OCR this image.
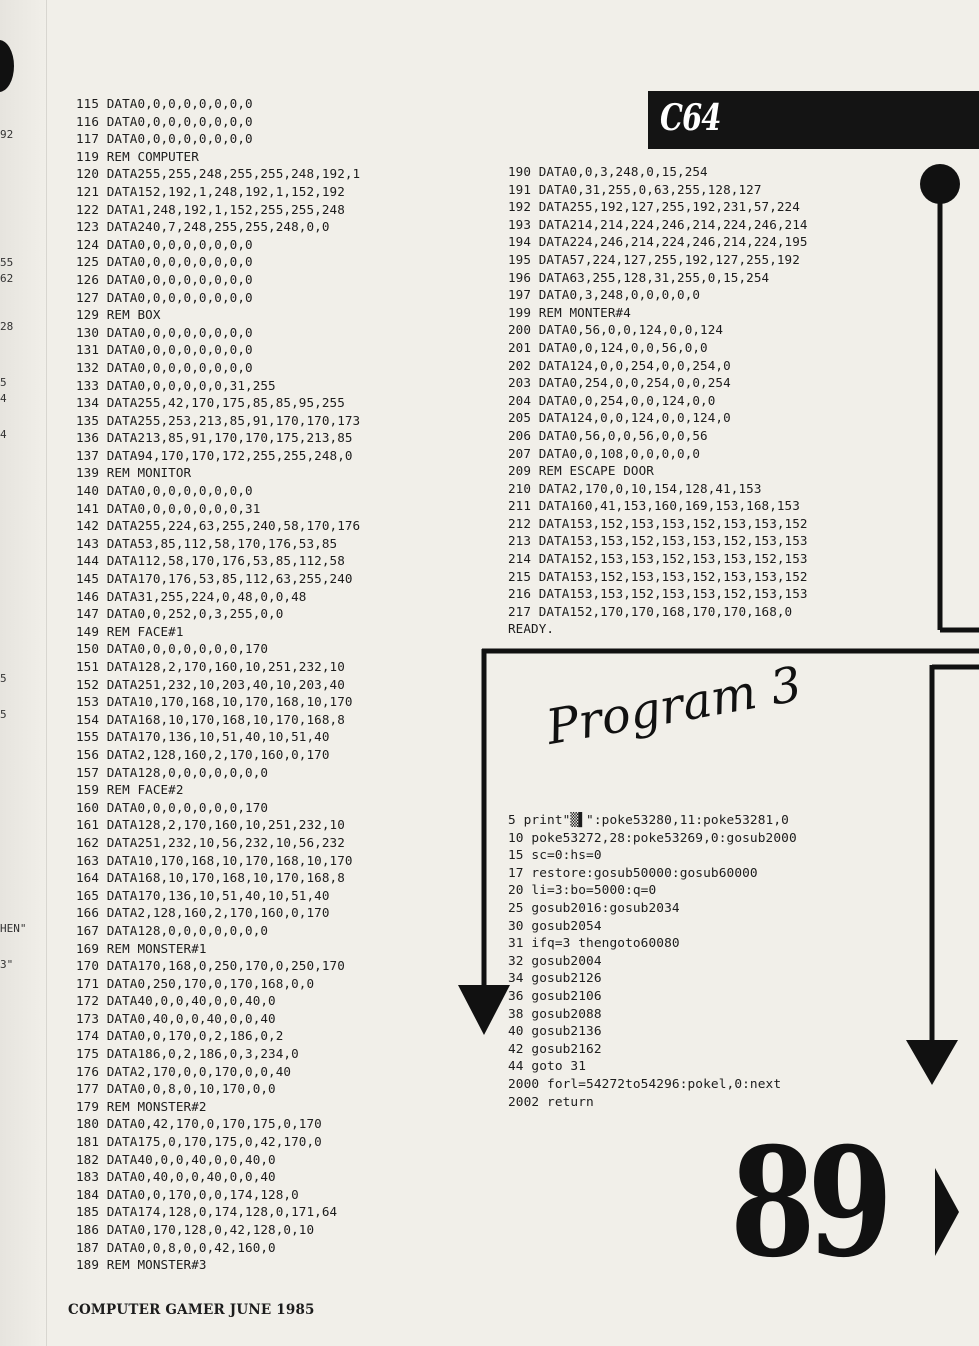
92
55
62
28
5
4
4
5
5
HEN"
3"
C64
115 DATA0,0,0,0,0,0,0,0
116 DATA0,0,0,0,0,0,0,0
117 DATA0,0,0,0,0,0,0,0
119 REM COMPUTER
120 DATA255,255,248,255,255,248,192,1
121 DATA152,192,1,248,192,1,152,192
122 DATA1,248,192,1,152,255,255,248
123 DATA240,7,248,255,255,248,0,0
124 DATA0,0,0,0,0,0,0,0
125 DATA0,0,0,0,0,0,0,0
126 DATA0,0,0,0,0,0,0,0
127 DATA0,0,0,0,0,0,0,0
129 REM BOX
130 DATA0,0,0,0,0,0,0,0
131 DATA0,0,0,0,0,0,0,0
132 DATA0,0,0,0,0,0,0,0
133 DATA0,0,0,0,0,0,31,255
134 DATA255,42,170,175,85,85,95,255
135 DATA255,253,213,85,91,170,170,173
136 DATA213,85,91,170,170,175,213,85
137 DATA94,170,170,172,255,255,248,0
139 REM MONITOR
140 DATA0,0,0,0,0,0,0,0
141 DATA0,0,0,0,0,0,0,31
142 DATA255,224,63,255,240,58,170,176
143 DATA53,85,112,58,170,176,53,85
144 DATA112,58,170,176,53,85,112,58
145 DATA170,176,53,85,112,63,255,240
146 DATA31,255,224,0,48,0,0,48
147 DATA0,0,252,0,3,255,0,0
149 REM FACE#1
150 DATA0,0,0,0,0,0,0,170
151 DATA128,2,170,160,10,251,232,10
152 DATA251,232,10,203,40,10,203,40
153 DATA10,170,168,10,170,168,10,170
154 DATA168,10,170,168,10,170,168,8
155 DATA170,136,10,51,40,10,51,40
156 DATA2,128,160,2,170,160,0,170
157 DATA128,0,0,0,0,0,0,0
159 REM FACE#2
160 DATA0,0,0,0,0,0,0,170
161 DATA128,2,170,160,10,251,232,10
162 DATA251,232,10,56,232,10,56,232
163 DATA10,170,168,10,170,168,10,170
164 DATA168,10,170,168,10,170,168,8
165 DATA170,136,10,51,40,10,51,40
166 DATA2,128,160,2,170,160,0,170
167 DATA128,0,0,0,0,0,0,0
169 REM MONSTER#1
170 DATA170,168,0,250,170,0,250,170
171 DATA0,250,170,0,170,168,0,0
172 DATA40,0,0,40,0,0,40,0
173 DATA0,40,0,0,40,0,0,40
174 DATA0,0,170,0,2,186,0,2
175 DATA186,0,2,186,0,3,234,0
176 DATA2,170,0,0,170,0,0,40
177 DATA0,0,8,0,10,170,0,0
179 REM MONSTER#2
180 DATA0,42,170,0,170,175,0,170
181 DATA175,0,170,175,0,42,170,0
182 DATA40,0,0,40,0,0,40,0
183 DATA0,40,0,0,40,0,0,40
184 DATA0,0,170,0,0,174,128,0
185 DATA174,128,0,174,128,0,171,64
186 DATA0,170,128,0,42,128,0,10
187 DATA0,0,8,0,0,42,160,0
189 REM MONSTER#3
190 DATA0,0,3,248,0,15,254
191 DATA0,31,255,0,63,255,128,127
192 DATA255,192,127,255,192,231,57,224
193 DATA214,214,224,246,214,224,246,214
194 DATA224,246,214,224,246,214,224,195
195 DATA57,224,127,255,192,127,255,192
196 DATA63,255,128,31,255,0,15,254
197 DATA0,3,248,0,0,0,0,0
199 REM MONTER#4
200 DATA0,56,0,0,124,0,0,124
201 DATA0,0,124,0,0,56,0,0
202 DATA124,0,0,254,0,0,254,0
203 DATA0,254,0,0,254,0,0,254
204 DATA0,0,254,0,0,124,0,0
205 DATA124,0,0,124,0,0,124,0
206 DATA0,56,0,0,56,0,0,56
207 DATA0,0,108,0,0,0,0,0
209 REM ESCAPE DOOR
210 DATA2,170,0,10,154,128,41,153
211 DATA160,41,153,160,169,153,168,153
212 DATA153,152,153,153,152,153,153,152
213 DATA153,153,152,153,153,152,153,153
214 DATA152,153,153,152,153,153,152,153
215 DATA153,152,153,153,152,153,153,152
216 DATA153,153,152,153,153,152,153,153
217 DATA152,170,170,168,170,170,168,0
READY.
Program 3
5 print"▒▌":poke53280,11:poke53281,0
10 poke53272,28:poke53269,0:gosub2000
15 sc=0:hs=0
17 restore:gosub50000:gosub60000
20 li=3:bo=5000:q=0
25 gosub2016:gosub2034
30 gosub2054
31 ifq=3 thengoto60080
32 gosub2004
34 gosub2126
36 gosub2106
38 gosub2088
40 gosub2136
42 gosub2162
44 goto 31
2000 forl=54272to54296:pokel,0:next
2002 return
89
COMPUTER GAMER JUNE 1985
